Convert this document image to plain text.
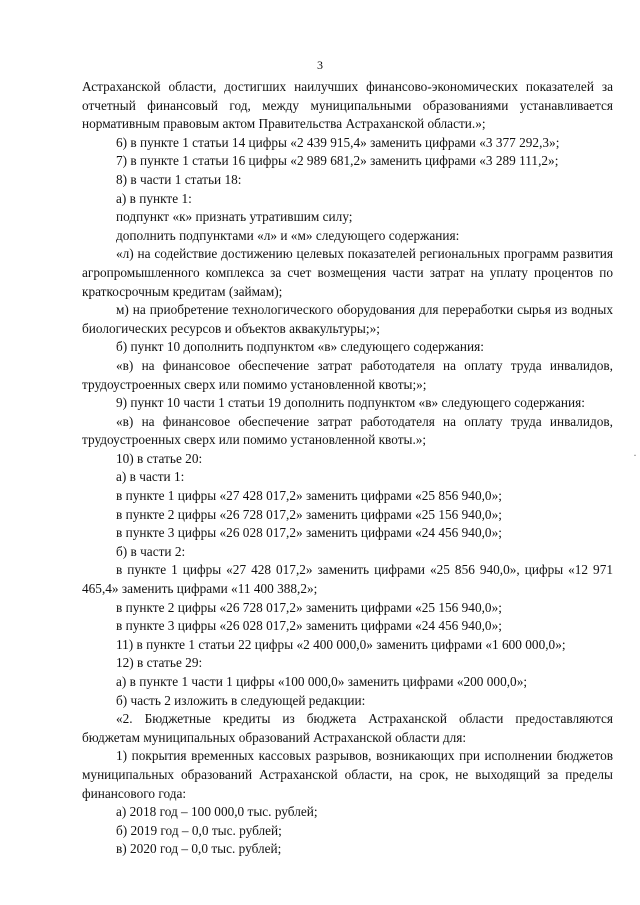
3

Астраханской области, достигших наилучших финансово-экономических показателей за отчетный финансовый год, между муниципальными образованиями устанавливается нормативным правовым актом Правительства Астраханской области.»;

6) в пункте 1 статьи 14 цифры «2 439 915,4» заменить цифрами «3 377 292,3»;

7) в пункте 1 статьи 16 цифры «2 989 681,2» заменить цифрами «3 289 111,2»;

8) в части 1 статьи 18:

а) в пункте 1:

подпункт «к» признать утратившим силу;

дополнить подпунктами «л» и «м» следующего содержания:

«л) на содействие достижению целевых показателей региональных программ развития агропромышленного комплекса за счет возмещения части затрат на уплату процентов по краткосрочным кредитам (займам);

м) на приобретение технологического оборудования для переработки сырья из водных биологических ресурсов и объектов аквакультуры;»;

б) пункт 10 дополнить подпунктом «в» следующего содержания:

«в) на финансовое обеспечение затрат работодателя на оплату труда инвалидов, трудоустроенных сверх или помимо установленной квоты;»;

9) пункт 10 части 1 статьи 19 дополнить подпунктом «в» следующего содержания:

«в) на финансовое обеспечение затрат работодателя на оплату труда инвалидов, трудоустроенных сверх или помимо установленной квоты.»;

10) в статье 20:

а) в части 1:

в пункте 1 цифры «27 428 017,2» заменить цифрами «25 856 940,0»;

в пункте 2 цифры «26 728 017,2» заменить цифрами «25 156 940,0»;

в пункте 3 цифры «26 028 017,2» заменить цифрами «24 456 940,0»;

б) в части 2:

в пункте 1 цифры «27 428 017,2» заменить цифрами «25 856 940,0», цифры «12 971 465,4» заменить цифрами «11 400 388,2»;

в пункте 2 цифры «26 728 017,2» заменить цифрами «25 156 940,0»;

в пункте 3 цифры «26 028 017,2» заменить цифрами «24 456 940,0»;

11) в пункте 1 статьи 22 цифры «2 400 000,0» заменить цифрами «1 600 000,0»;

12) в статье 29:

а) в пункте 1 части 1 цифры «100 000,0» заменить цифрами «200 000,0»;

б) часть 2 изложить в следующей редакции:

«2. Бюджетные кредиты из бюджета Астраханской области предоставляются бюджетам муниципальных образований Астраханской области для:

1) покрытия временных кассовых разрывов, возникающих при исполнении бюджетов муниципальных образований Астраханской области, на срок, не выходящий за пределы финансового года:

а) 2018 год – 100 000,0 тыс. рублей;

б) 2019 год – 0,0 тыс. рублей;

в) 2020 год – 0,0 тыс. рублей;

·
